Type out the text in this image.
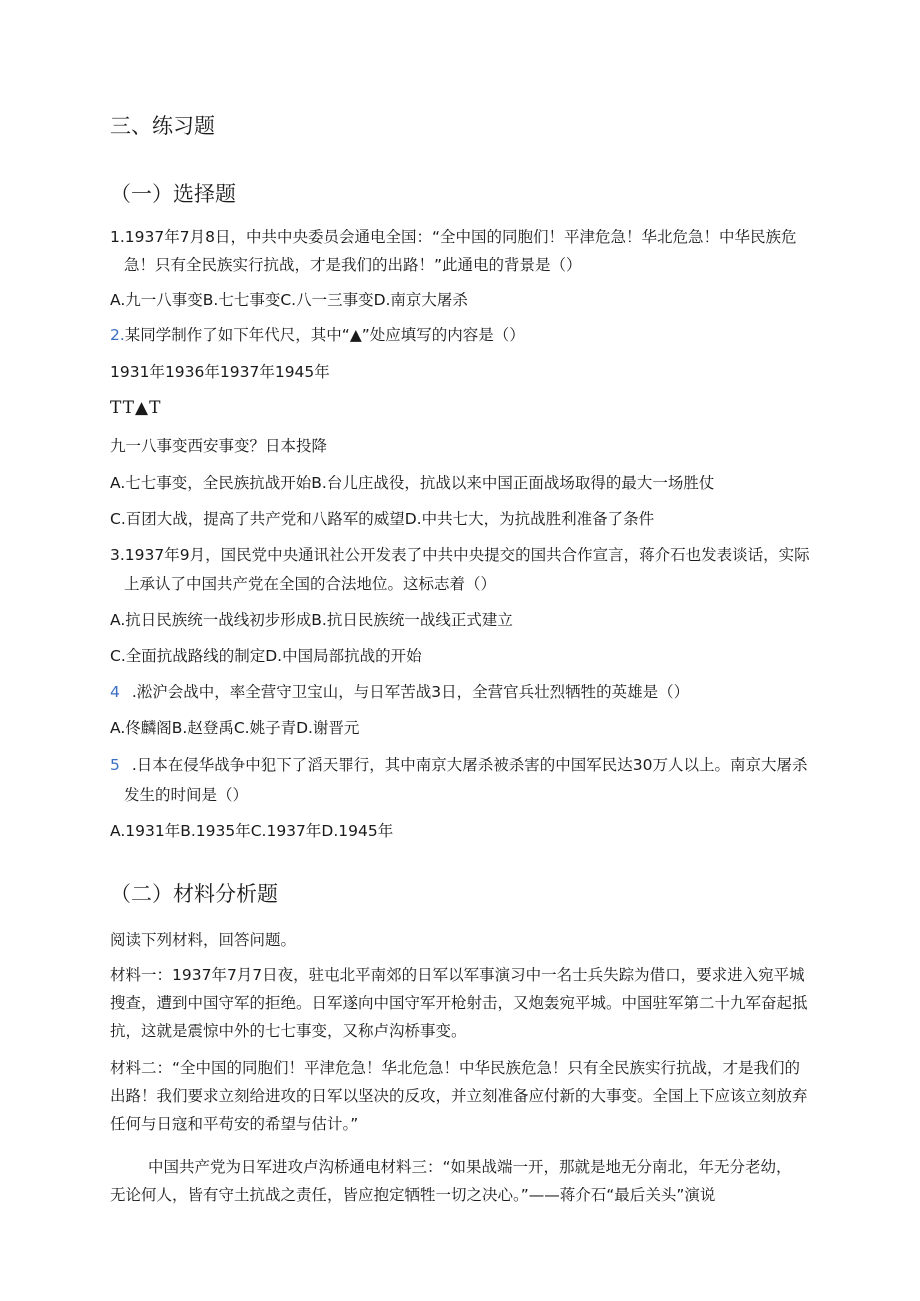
三、练习题
（一）选择题
1.1937年7月8日，中共中央委员会通电全国：“全中国的同胞们！平津危急！华北危急！中华民族危
急！只有全民族实行抗战，才是我们的出路！”此通电的背景是（）
A.九一八事变B.七七事变C.八一三事变D.南京大屠杀
2.某同学制作了如下年代尺，其中“▲”处应填写的内容是（）
1931年1936年1937年1945年
TT▲T
九一八事变西安事变？日本投降
A.七七事变，全民族抗战开始B.台儿庄战役，抗战以来中国正面战场取得的最大一场胜仗
C.百团大战，提高了共产党和八路军的威望D.中共七大，为抗战胜利准备了条件
3.1937年9月，国民党中央通讯社公开发表了中共中央提交的国共合作宣言，蒋介石也发表谈话，实际
上承认了中国共产党在全国的合法地位。这标志着（）
A.抗日民族统一战线初步形成B.抗日民族统一战线正式建立
C.全面抗战路线的制定D.中国局部抗战的开始
4 .淞沪会战中，率全营守卫宝山，与日军苦战3日，全营官兵壮烈牺牲的英雄是（）
A.佟麟阁B.赵登禹C.姚子青D.谢晋元
5 .日本在侵华战争中犯下了滔天罪行，其中南京大屠杀被杀害的中国军民达30万人以上。南京大屠杀
发生的时间是（）
A.1931年B.1935年C.1937年D.1945年
（二）材料分析题
阅读下列材料，回答问题。
材料一：1937年7月7日夜，驻屯北平南郊的日军以军事演习中一名士兵失踪为借口，要求进入宛平城
搜查，遭到中国守军的拒绝。日军遂向中国守军开枪射击，又炮轰宛平城。中国驻军第二十九军奋起抵
抗，这就是震惊中外的七七事变，又称卢沟桥事变。
材料二：“全中国的同胞们！平津危急！华北危急！中华民族危急！只有全民族实行抗战，才是我们的
出路！我们要求立刻给进攻的日军以坚决的反攻，并立刻准备应付新的大事变。全国上下应该立刻放弃
任何与日寇和平苟安的希望与估计。”
中国共产党为日军进攻卢沟桥通电材料三：“如果战端一开，那就是地无分南北，年无分老幼，
无论何人，皆有守土抗战之责任，皆应抱定牺牲一切之决心。”——蒋介石“最后关头”演说
